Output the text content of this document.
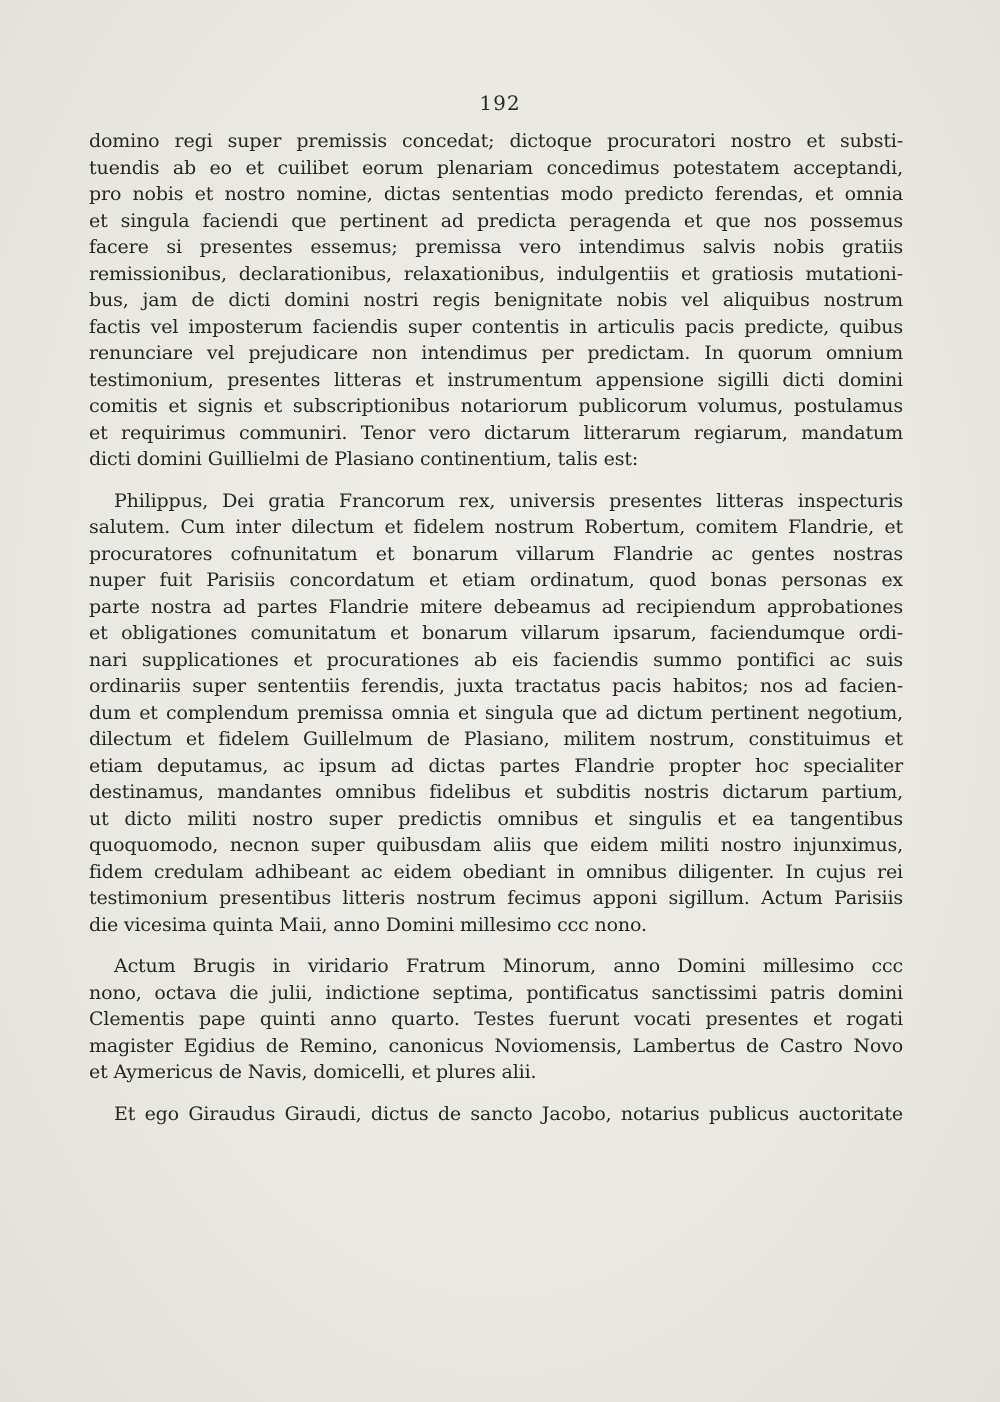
192
domino regi super premissis concedat; dictoque procuratori nostro et substi-
tuendis ab eo et cuilibet eorum plenariam concedimus potestatem acceptandi,
pro nobis et nostro nomine, dictas sententias modo predicto ferendas, et omnia
et singula faciendi que pertinent ad predicta peragenda et que nos possemus
facere si presentes essemus; premissa vero intendimus salvis nobis gratiis
remissionibus, declarationibus, relaxationibus, indulgentiis et gratiosis mutationi-
bus, jam de dicti domini nostri regis benignitate nobis vel aliquibus nostrum
factis vel imposterum faciendis super contentis in articulis pacis predicte, quibus
renunciare vel prejudicare non intendimus per predictam. In quorum omnium
testimonium, presentes litteras et instrumentum appensione sigilli dicti domini
comitis et signis et subscriptionibus notariorum publicorum volumus, postulamus
et requirimus communiri. Tenor vero dictarum litterarum regiarum, mandatum
dicti domini Guillielmi de Plasiano continentium, talis est:
Philippus, Dei gratia Francorum rex, universis presentes litteras inspecturis
salutem. Cum inter dilectum et fidelem nostrum Robertum, comitem Flandrie, et
procuratores cofnunitatum et bonarum villarum Flandrie ac gentes nostras
nuper fuit Parisiis concordatum et etiam ordinatum, quod bonas personas ex
parte nostra ad partes Flandrie mitere debeamus ad recipiendum approbationes
et obligationes comunitatum et bonarum villarum ipsarum, faciendumque ordi-
nari supplicationes et procurationes ab eis faciendis summo pontifici ac suis
ordinariis super sententiis ferendis, juxta tractatus pacis habitos; nos ad facien-
dum et complendum premissa omnia et singula que ad dictum pertinent negotium,
dilectum et fidelem Guillelmum de Plasiano, militem nostrum, constituimus et
etiam deputamus, ac ipsum ad dictas partes Flandrie propter hoc specialiter
destinamus, mandantes omnibus fidelibus et subditis nostris dictarum partium,
ut dicto militi nostro super predictis omnibus et singulis et ea tangentibus
quoquomodo, necnon super quibusdam aliis que eidem militi nostro injunximus,
fidem credulam adhibeant ac eidem obediant in omnibus diligenter. In cujus rei
testimonium presentibus litteris nostrum fecimus apponi sigillum. Actum Parisiis
die vicesima quinta Maii, anno Domini millesimo ccc nono.
Actum Brugis in viridario Fratrum Minorum, anno Domini millesimo ccc
nono, octava die julii, indictione septima, pontificatus sanctissimi patris domini
Clementis pape quinti anno quarto. Testes fuerunt vocati presentes et rogati
magister Egidius de Remino, canonicus Noviomensis, Lambertus de Castro Novo
et Aymericus de Navis, domicelli, et plures alii.
Et ego Giraudus Giraudi, dictus de sancto Jacobo, notarius publicus auctoritate
